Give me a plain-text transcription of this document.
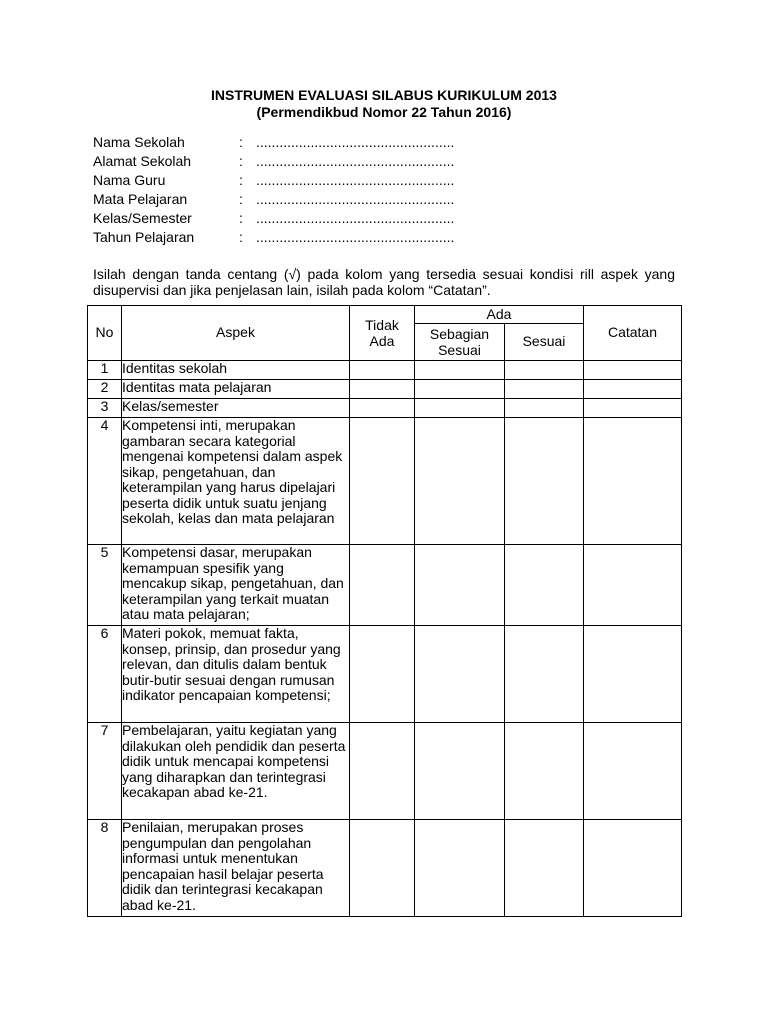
INSTRUMEN EVALUASI SILABUS KURIKULUM 2013
(Permendikbud Nomor 22 Tahun 2016)
Nama Sekolah	: ...................................................
Alamat Sekolah	: ...................................................
Nama Guru	: ...................................................
Mata Pelajaran	: ...................................................
Kelas/Semester	: ...................................................
Tahun Pelajaran	: ...................................................
Isilah dengan tanda centang (√) pada kolom yang tersedia sesuai kondisi rill aspek yang disupervisi dan jika penjelasan lain, isilah pada kolom “Catatan”.
No	Aspek	Tidak Ada	Ada		Catatan

			Sebagian Sesuai	Sesuai	
1	Identitas sekolah				
2	Identitas mata pelajaran				
3	Kelas/semester				
4	Kompetensi inti, merupakan gambaran secara kategorial mengenai kompetensi dalam aspek sikap, pengetahuan, dan keterampilan yang harus dipelajari peserta didik untuk suatu jenjang sekolah, kelas dan mata pelajaran				
5	Kompetensi dasar, merupakan kemampuan spesifik yang mencakup sikap, pengetahuan, dan keterampilan yang terkait muatan atau mata pelajaran;				
6	Materi pokok, memuat fakta, konsep, prinsip, dan prosedur yang relevan, dan ditulis dalam bentuk butir-butir sesuai dengan rumusan indikator pencapaian kompetensi;				
7	Pembelajaran, yaitu kegiatan yang dilakukan oleh pendidik dan peserta didik untuk mencapai kompetensi yang diharapkan dan terintegrasi kecakapan abad ke-21.				
8	Penilaian, merupakan proses pengumpulan dan pengolahan informasi untuk menentukan pencapaian hasil belajar peserta didik dan terintegrasi kecakapan abad ke-21.				
